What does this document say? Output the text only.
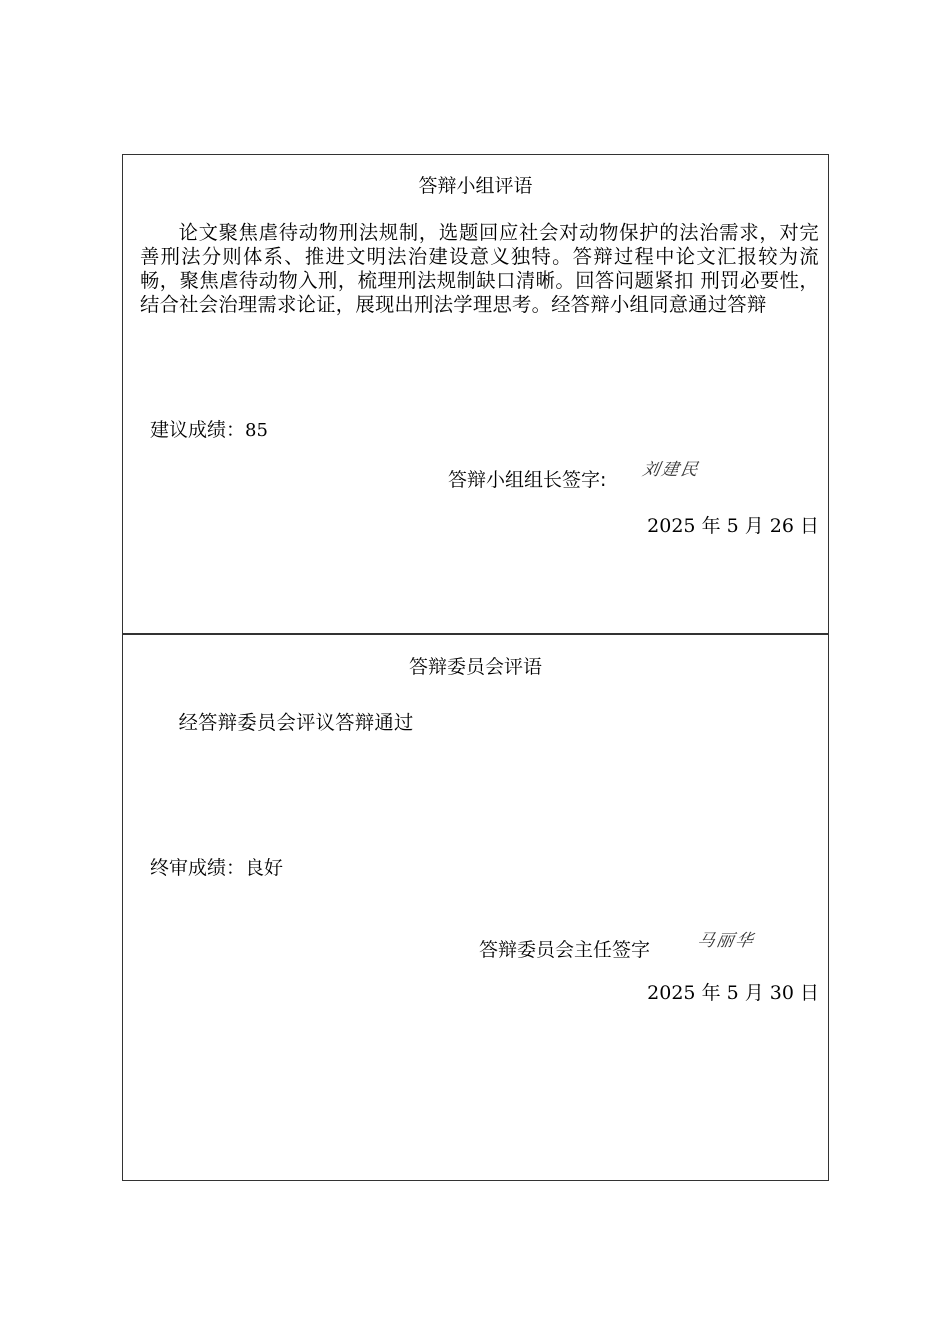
答辩小组评语
论文聚焦虐待动物刑法规制，选题回应社会对动物保护的法治需求，对完善刑法分则体系、推进文明法治建设意义独特。答辩过程中论文汇报较为流畅，聚焦虐待动物入刑，梳理刑法规制缺口清晰。回答问题紧扣 刑罚必要性，结合社会治理需求论证，展现出刑法学理思考。经答辩小组同意通过答辩
建议成绩：85
答辩小组组长签字: 刘建民
2025 年 5 月 26 日
答辩委员会评语
经答辩委员会评议答辩通过
终审成绩：良好
答辩委员会主任签字	马丽华
2025 年 5 月 30 日
